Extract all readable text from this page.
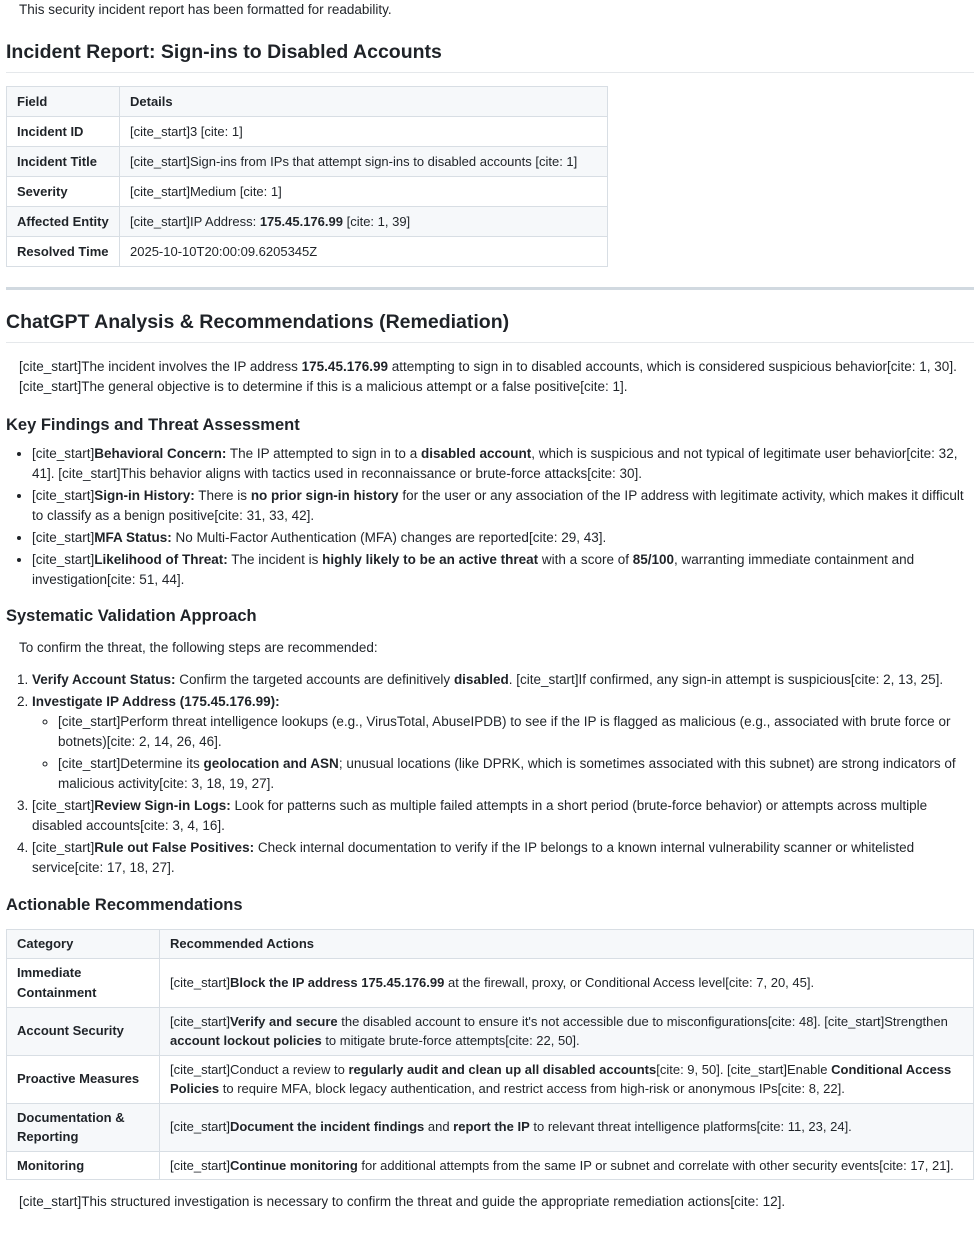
This security incident report has been formatted for readability.

Incident Report: Sign-ins to Disabled Accounts
Field	Details
Incident ID	[cite_start]3 [cite: 1]
Incident Title	[cite_start]Sign-ins from IPs that attempt sign-ins to disabled accounts [cite: 1]
Severity	[cite_start]Medium [cite: 1]
Affected Entity	[cite_start]IP Address: 175.45.176.99 [cite: 1, 39]
Resolved Time	2025-10-10T20:00:09.6205345Z
ChatGPT Analysis & Recommendations (Remediation)

[cite_start]The incident involves the IP address 175.45.176.99 attempting to sign in to disabled accounts, which is considered suspicious behavior[cite: 1, 30]. [cite_start]The general objective is to determine if this is a malicious attempt or a false positive[cite: 1].

Key Findings and Threat Assessment
• [cite_start]Behavioral Concern: The IP attempted to sign in to a disabled account, which is suspicious and not typical of legitimate user behavior[cite: 32, 41]. [cite_start]This behavior aligns with tactics used in reconnaissance or brute-force attacks[cite: 30].
• [cite_start]Sign-in History: There is no prior sign-in history for the user or any association of the IP address with legitimate activity, which makes it difficult to classify as a benign positive[cite: 31, 33, 42].
• [cite_start]MFA Status: No Multi-Factor Authentication (MFA) changes are reported[cite: 29, 43].
• [cite_start]Likelihood of Threat: The incident is highly likely to be an active threat with a score of 85/100, warranting immediate containment and investigation[cite: 51, 44].
Systematic Validation Approach

To confirm the threat, the following steps are recommended:

1. Verify Account Status: Confirm the targeted accounts are definitively disabled. [cite_start]If confirmed, any sign-in attempt is suspicious[cite: 2, 13, 25].
2. Investigate IP Address (175.45.176.99):
◦ [cite_start]Perform threat intelligence lookups (e.g., VirusTotal, AbuseIPDB) to see if the IP is flagged as malicious (e.g., associated with brute force or botnets)[cite: 2, 14, 26, 46].
◦ [cite_start]Determine its geolocation and ASN; unusual locations (like DPRK, which is sometimes associated with this subnet) are strong indicators of malicious activity[cite: 3, 18, 19, 27].
3. [cite_start]Review Sign-in Logs: Look for patterns such as multiple failed attempts in a short period (brute-force behavior) or attempts across multiple disabled accounts[cite: 3, 4, 16].
4. [cite_start]Rule out False Positives: Check internal documentation to verify if the IP belongs to a known internal vulnerability scanner or whitelisted service[cite: 17, 18, 27].
Actionable Recommendations
Category	Recommended Actions
Immediate Containment	[cite_start]Block the IP address 175.45.176.99 at the firewall, proxy, or Conditional Access level[cite: 7, 20, 45].
Account Security	[cite_start]Verify and secure the disabled account to ensure it's not accessible due to misconfigurations[cite: 48]. [cite_start]Strengthen account lockout policies to mitigate brute-force attempts[cite: 22, 50].
Proactive Measures	[cite_start]Conduct a review to regularly audit and clean up all disabled accounts[cite: 9, 50]. [cite_start]Enable Conditional Access Policies to require MFA, block legacy authentication, and restrict access from high-risk or anonymous IPs[cite: 8, 22].
Documentation & Reporting	[cite_start]Document the incident findings and report the IP to relevant threat intelligence platforms[cite: 11, 23, 24].
Monitoring	[cite_start]Continue monitoring for additional attempts from the same IP or subnet and correlate with other security events[cite: 17, 21].

[cite_start]This structured investigation is necessary to confirm the threat and guide the appropriate remediation actions[cite: 12].
